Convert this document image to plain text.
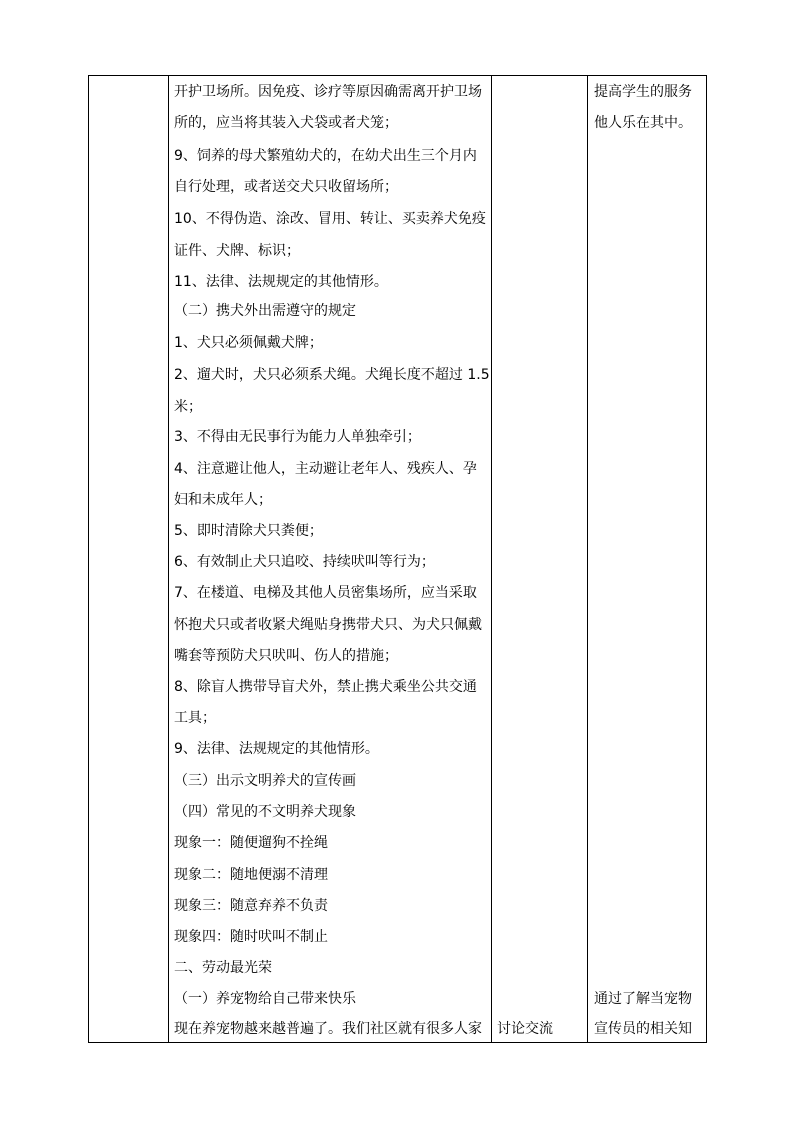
开护卫场所。因免疫、诊疗等原因确需离开护卫场
所的，应当将其装入犬袋或者犬笼；
9、饲养的母犬繁殖幼犬的，在幼犬出生三个月内
自行处理，或者送交犬只收留场所；
10、不得伪造、涂改、冒用、转让、买卖养犬免疫
证件、犬牌、标识；
11、法律、法规规定的其他情形。
（二）携犬外出需遵守的规定
1、犬只必须佩戴犬牌；
2、遛犬时，犬只必须系犬绳。犬绳长度不超过 1.5
米；
3、不得由无民事行为能力人单独牵引；
4、注意避让他人，主动避让老年人、残疾人、孕
妇和未成年人；
5、即时清除犬只粪便；
6、有效制止犬只追咬、持续吠叫等行为；
7、在楼道、电梯及其他人员密集场所，应当采取
怀抱犬只或者收紧犬绳贴身携带犬只、为犬只佩戴
嘴套等预防犬只吠叫、伤人的措施；
8、除盲人携带导盲犬外，禁止携犬乘坐公共交通
工具；
9、法律、法规规定的其他情形。
（三）出示文明养犬的宣传画
（四）常见的不文明养犬现象
现象一：随便遛狗不拴绳
现象二：随地便溺不清理
现象三：随意弃养不负责
现象四：随时吠叫不制止
二、劳动最光荣
（一）养宠物给自己带来快乐
现在养宠物越来越普遍了。我们社区就有很多人家 讨论交流
提高学生的服务
他人乐在其中。
通过了解当宠物
宣传员的相关知
